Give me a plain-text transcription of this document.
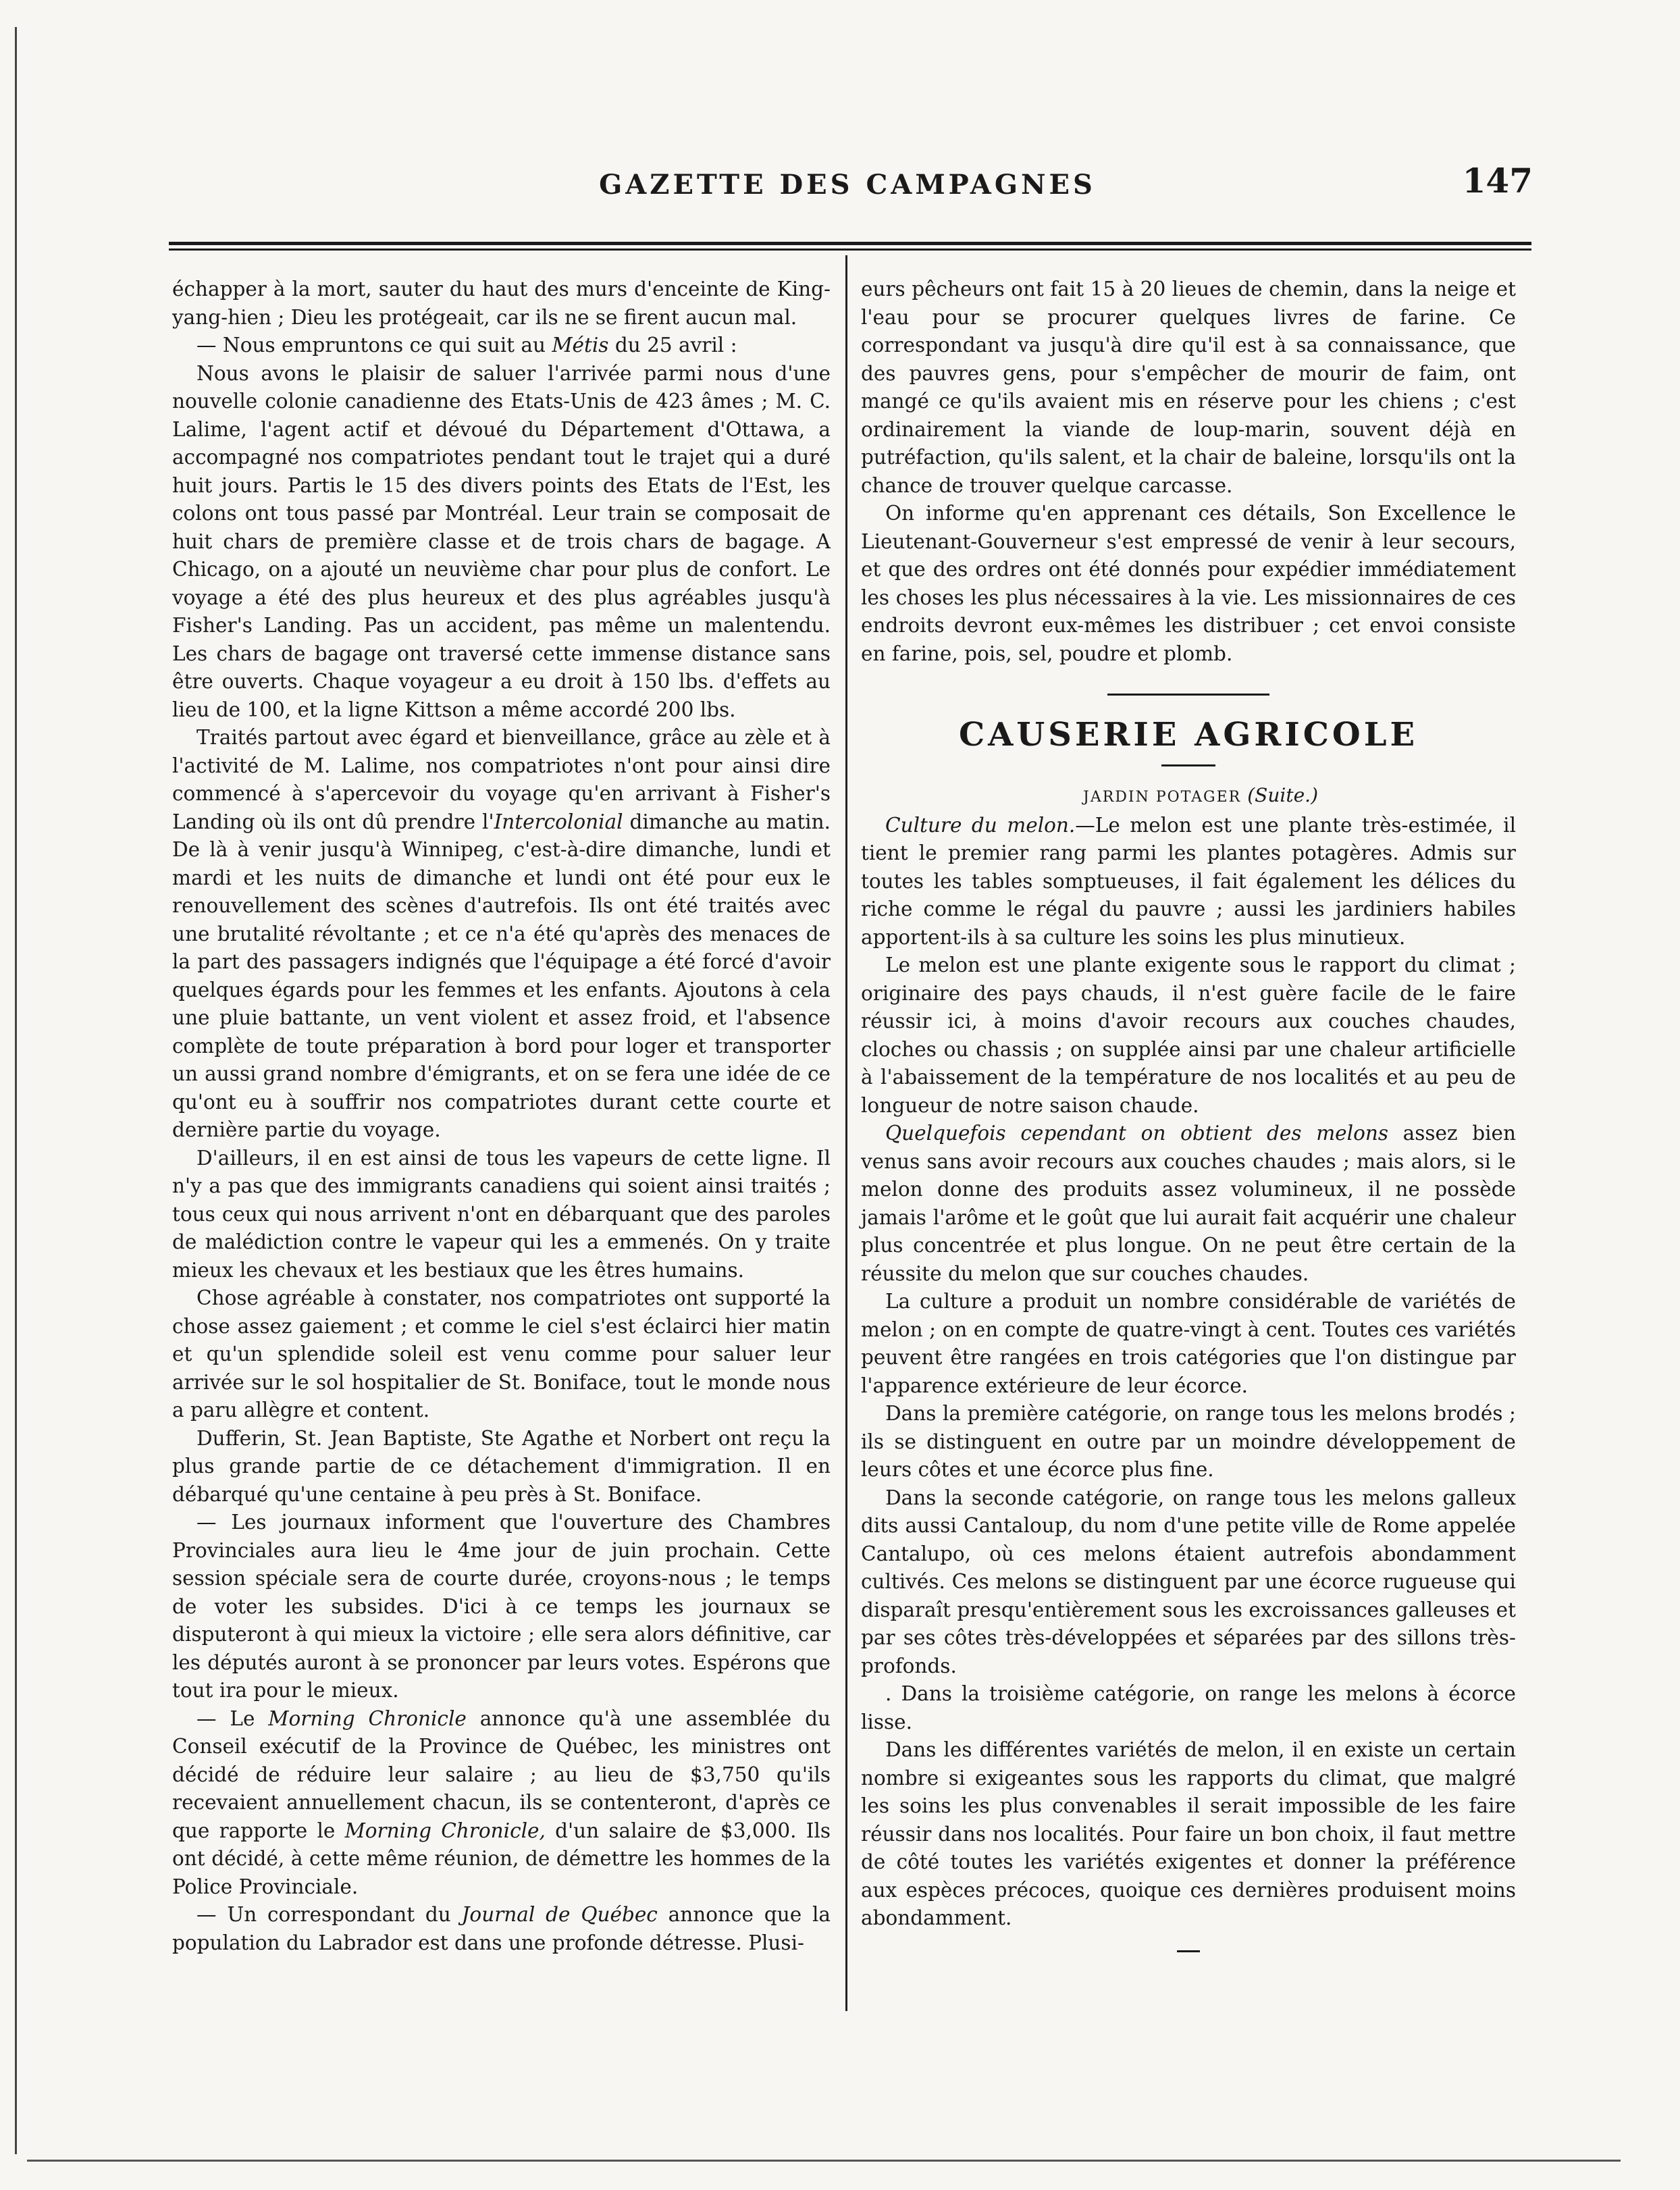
GAZETTE DES CAMPAGNES	147

échapper à la mort, sauter du haut des murs d'enceinte de King-yang-hien ; Dieu les protégeait, car ils ne se firent aucun mal.

— Nous empruntons ce qui suit au Métis du 25 avril :

Nous avons le plaisir de saluer l'arrivée parmi nous d'une nouvelle colonie canadienne des Etats-Unis de 423 âmes ; M. C. Lalime, l'agent actif et dévoué du Département d'Ottawa, a accompagné nos compatriotes pendant tout le trajet qui a duré huit jours. Partis le 15 des divers points des Etats de l'Est, les colons ont tous passé par Montréal. Leur train se composait de huit chars de première classe et de trois chars de bagage. A Chicago, on a ajouté un neuvième char pour plus de confort. Le voyage a été des plus heureux et des plus agréables jusqu'à Fisher's Landing. Pas un accident, pas même un malentendu. Les chars de bagage ont traversé cette immense distance sans être ouverts. Chaque voyageur a eu droit à 150 lbs. d'effets au lieu de 100, et la ligne Kittson a même accordé 200 lbs.

Traités partout avec égard et bienveillance, grâce au zèle et à l'activité de M. Lalime, nos compatriotes n'ont pour ainsi dire commencé à s'apercevoir du voyage qu'en arrivant à Fisher's Landing où ils ont dû prendre l'Intercolonial dimanche au matin. De là à venir jusqu'à Winnipeg, c'est-à-dire dimanche, lundi et mardi et les nuits de dimanche et lundi ont été pour eux le renouvellement des scènes d'autrefois. Ils ont été traités avec une brutalité révoltante ; et ce n'a été qu'après des menaces de la part des passagers indignés que l'équipage a été forcé d'avoir quelques égards pour les femmes et les enfants. Ajoutons à cela une pluie battante, un vent violent et assez froid, et l'absence complète de toute préparation à bord pour loger et transporter un aussi grand nombre d'émigrants, et on se fera une idée de ce qu'ont eu à souffrir nos compatriotes durant cette courte et dernière partie du voyage.

D'ailleurs, il en est ainsi de tous les vapeurs de cette ligne. Il n'y a pas que des immigrants canadiens qui soient ainsi traités ; tous ceux qui nous arrivent n'ont en débarquant que des paroles de malédiction contre le vapeur qui les a emmenés. On y traite mieux les chevaux et les bestiaux que les êtres humains.

Chose agréable à constater, nos compatriotes ont supporté la chose assez gaiement ; et comme le ciel s'est éclairci hier matin et qu'un splendide soleil est venu comme pour saluer leur arrivée sur le sol hospitalier de St. Boniface, tout le monde nous a paru allègre et content.

Dufferin, St. Jean Baptiste, Ste Agathe et Norbert ont reçu la plus grande partie de ce détachement d'immigration. Il en débarqué qu'une centaine à peu près à St. Boniface.

— Les journaux informent que l'ouverture des Chambres Provinciales aura lieu le 4me jour de juin prochain. Cette session spéciale sera de courte durée, croyons-nous ; le temps de voter les subsides. D'ici à ce temps les journaux se disputeront à qui mieux la victoire ; elle sera alors définitive, car les députés auront à se prononcer par leurs votes. Espérons que tout ira pour le mieux.

— Le Morning Chronicle annonce qu'à une assemblée du Conseil exécutif de la Province de Québec, les ministres ont décidé de réduire leur salaire ; au lieu de $3,750 qu'ils recevaient annuellement chacun, ils se contenteront, d'après ce que rapporte le Morning Chronicle, d'un salaire de $3,000. Ils ont décidé, à cette même réunion, de démettre les hommes de la Police Provinciale.

— Un correspondant du Journal de Québec annonce que la population du Labrador est dans une profonde détresse. Plusi-

eurs pêcheurs ont fait 15 à 20 lieues de chemin, dans la neige et l'eau pour se procurer quelques livres de farine. Ce correspondant va jusqu'à dire qu'il est à sa connaissance, que des pauvres gens, pour s'empêcher de mourir de faim, ont mangé ce qu'ils avaient mis en réserve pour les chiens ; c'est ordinairement la viande de loup-marin, souvent déjà en putréfaction, qu'ils salent, et la chair de baleine, lorsqu'ils ont la chance de trouver quelque carcasse.

On informe qu'en apprenant ces détails, Son Excellence le Lieutenant-Gouverneur s'est empressé de venir à leur secours, et que des ordres ont été donnés pour expédier immédiatement les choses les plus nécessaires à la vie. Les missionnaires de ces endroits devront eux-mêmes les distribuer ; cet envoi consiste en farine, pois, sel, poudre et plomb.

CAUSERIE AGRICOLE

JARDIN POTAGER (Suite.)

Culture du melon.—Le melon est une plante très-estimée, il tient le premier rang parmi les plantes potagères. Admis sur toutes les tables somptueuses, il fait également les délices du riche comme le régal du pauvre ; aussi les jardiniers habiles apportent-ils à sa culture les soins les plus minutieux.

Le melon est une plante exigente sous le rapport du climat ; originaire des pays chauds, il n'est guère facile de le faire réussir ici, à moins d'avoir recours aux couches chaudes, cloches ou chassis ; on supplée ainsi par une chaleur artificielle à l'abaissement de la température de nos localités et au peu de longueur de notre saison chaude.

Quelquefois cependant on obtient des melons assez bien venus sans avoir recours aux couches chaudes ; mais alors, si le melon donne des produits assez volumineux, il ne possède jamais l'arôme et le goût que lui aurait fait acquérir une chaleur plus concentrée et plus longue. On ne peut être certain de la réussite du melon que sur couches chaudes.

La culture a produit un nombre considérable de variétés de melon ; on en compte de quatre-vingt à cent. Toutes ces variétés peuvent être rangées en trois catégories que l'on distingue par l'apparence extérieure de leur écorce.

Dans la première catégorie, on range tous les melons brodés ; ils se distinguent en outre par un moindre développement de leurs côtes et une écorce plus fine.

Dans la seconde catégorie, on range tous les melons galleux dits aussi Cantaloup, du nom d'une petite ville de Rome appelée Cantalupo, où ces melons étaient autrefois abondamment cultivés. Ces melons se distinguent par une écorce rugueuse qui disparaît presqu'entièrement sous les excroissances galleuses et par ses côtes très-développées et séparées par des sillons très-profonds.

. Dans la troisième catégorie, on range les melons à écorce lisse.

Dans les différentes variétés de melon, il en existe un certain nombre si exigeantes sous les rapports du climat, que malgré les soins les plus convenables il serait impossible de les faire réussir dans nos localités. Pour faire un bon choix, il faut mettre de côté toutes les variétés exigentes et donner la préférence aux espèces précoces, quoique ces dernières produisent moins abondamment.
